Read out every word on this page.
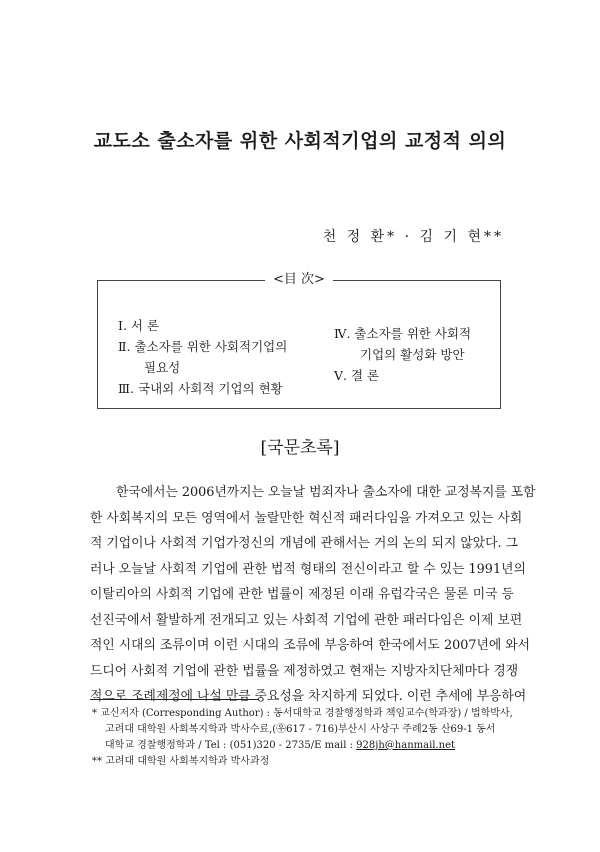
교도소 출소자를 위한 사회적기업의 교정적 의의
천 정 환* · 김 기 현**
<目 次>
Ⅰ. 서 론
Ⅱ. 출소자를 위한 사회적기업의
필요성
Ⅲ. 국내외 사회적 기업의 현황
Ⅳ. 출소자를 위한 사회적
기업의 활성화 방안
Ⅴ. 결 론
[국문초록]
한국에서는 2006년까지는 오늘날 범죄자나 출소자에 대한 교정복지를 포함
한 사회복지의 모든 영역에서 놀랄만한 혁신적 패러다임을 가져오고 있는 사회
적 기업이나 사회적 기업가정신의 개념에 관해서는 거의 논의 되지 않았다. 그
러나 오늘날 사회적 기업에 관한 법적 형태의 전신이라고 할 수 있는 1991년의
이탈리아의 사회적 기업에 관한 법률이 제정된 이래 유럽각국은 물론 미국 등
선진국에서 활발하게 전개되고 있는 사회적 기업에 관한 패러다임은 이제 보편
적인 시대의 조류이며 이런 시대의 조류에 부응하여 한국에서도 2007년에 와서
드디어 사회적 기업에 관한 법률을 제정하였고 현재는 지방자치단체마다 경쟁
적으로 조례제정에 나설 만큼 중요성을 차지하게 되었다. 이런 추세에 부응하여
* 교신저자 (Corresponding Author) : 동서대학교 경찰행정학과 책임교수(학과장) / 법학박사,
고려대 대학원 사회복지학과 박사수료,(㉾617 - 716)부산시 사상구 주례2동 산69-1 동서
대학교 경찰행정학과 / Tel : (051)320 - 2735/E mail : 928jh@hanmail.net
** 고려대 대학원 사회복지학과 박사과정
